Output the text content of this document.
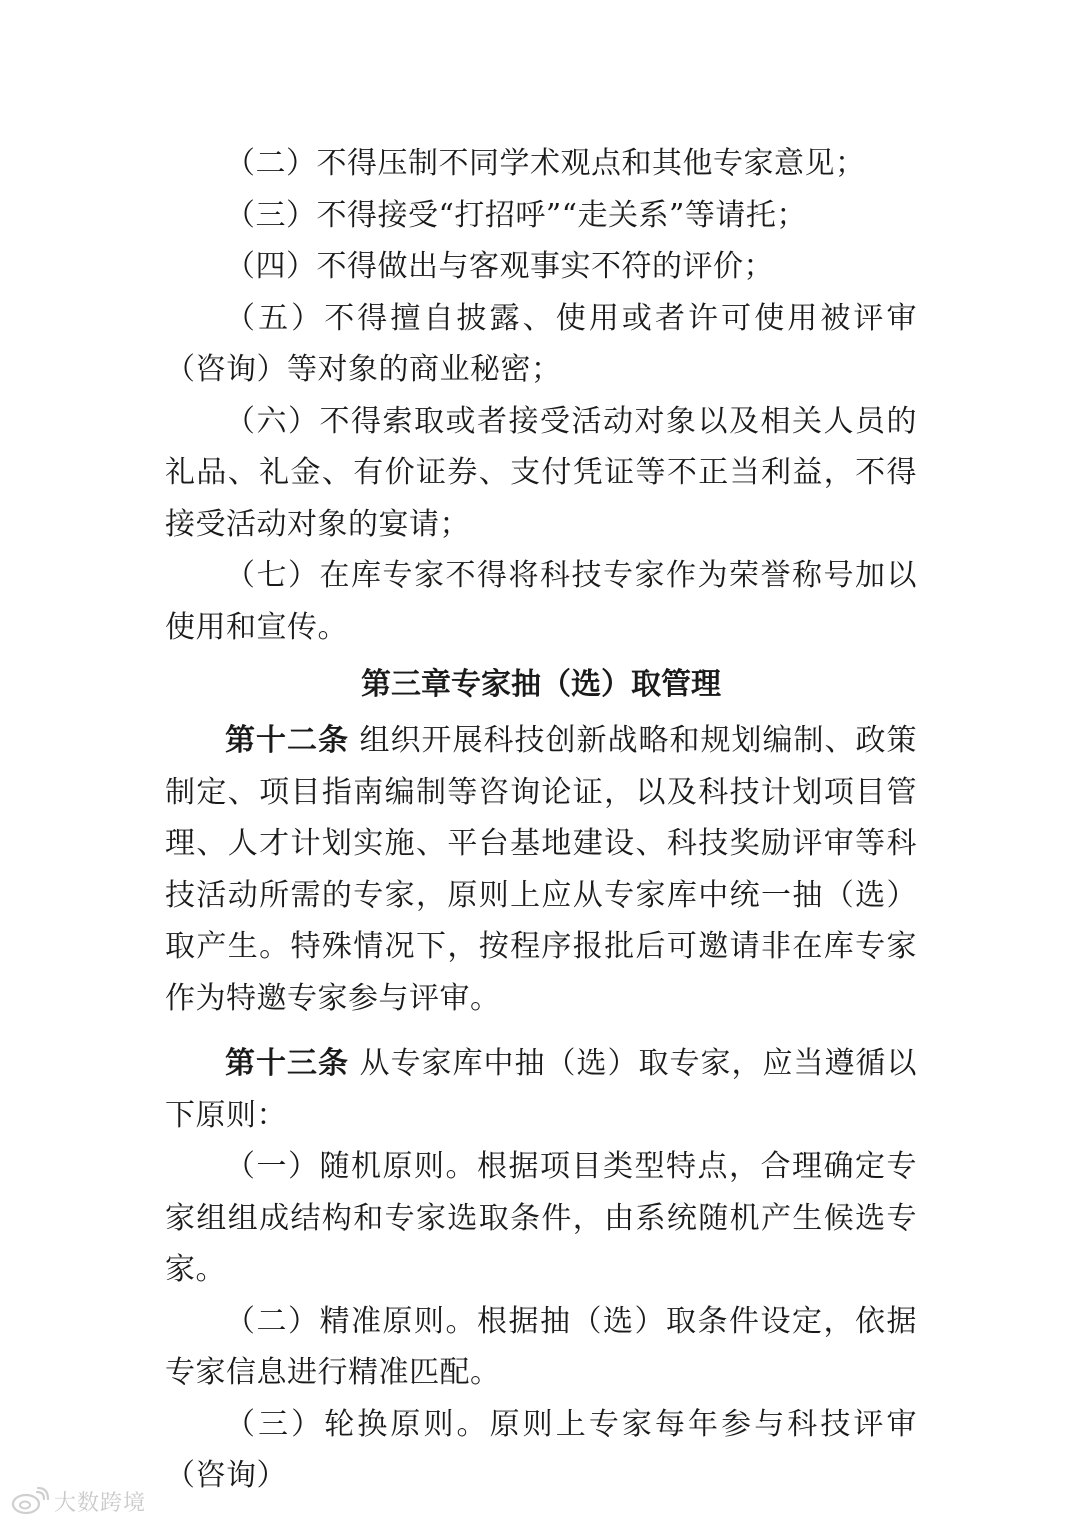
（二）不得压制不同学术观点和其他专家意见；

（三）不得接受“打招呼”“走关系”等请托；

（四）不得做出与客观事实不符的评价；

（五）不得擅自披露、使用或者许可使用被评审（咨询）等对象的商业秘密；

（六）不得索取或者接受活动对象以及相关人员的礼品、礼金、有价证券、支付凭证等不正当利益，不得接受活动对象的宴请；

（七）在库专家不得将科技专家作为荣誉称号加以使用和宣传。

第三章专家抽（选）取管理

第十二条 组织开展科技创新战略和规划编制、政策制定、项目指南编制等咨询论证，以及科技计划项目管理、人才计划实施、平台基地建设、科技奖励评审等科技活动所需的专家，原则上应从专家库中统一抽（选）取产生。特殊情况下，按程序报批后可邀请非在库专家作为特邀专家参与评审。

第十三条 从专家库中抽（选）取专家，应当遵循以下原则：

（一）随机原则。根据项目类型特点，合理确定专家组组成结构和专家选取条件，由系统随机产生候选专家。

（二）精准原则。根据抽（选）取条件设定，依据专家信息进行精准匹配。

（三）轮换原则。原则上专家每年参与科技评审（咨询）

大数跨境
